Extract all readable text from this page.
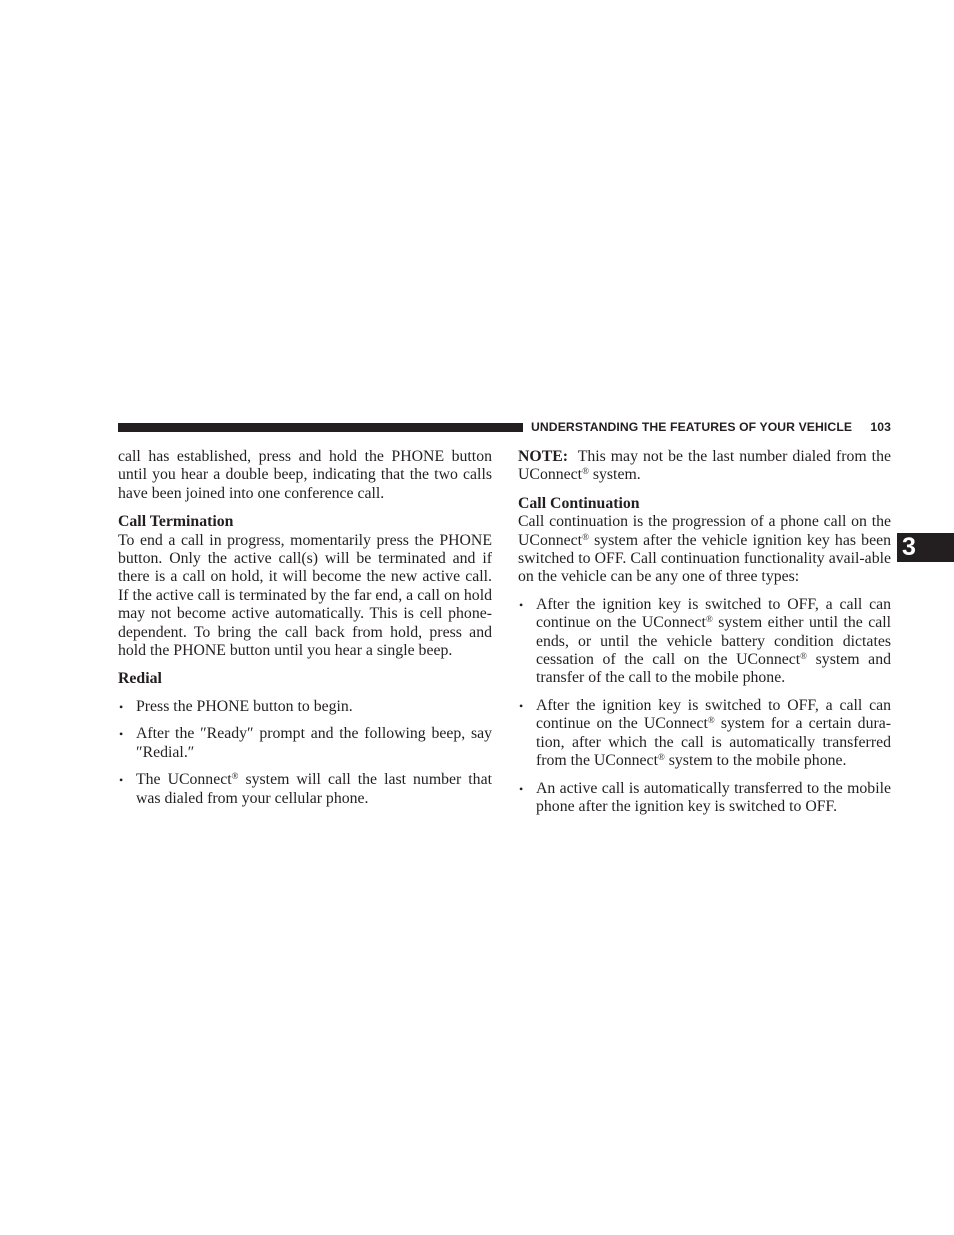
UNDERSTANDING THE FEATURES OF YOUR VEHICLE 103
3

call has established, press and hold the PHONE button until you hear a double beep, indicating that the two calls have been joined into one conference call.

Call Termination

To end a call in progress, momentarily press the PHONE button. Only the active call(s) will be terminated and if there is a call on hold, it will become the new active call. If the active call is terminated by the far end, a call on hold may not become active automatically. This is cell phone-dependent. To bring the call back from hold, press and hold the PHONE button until you hear a single beep.

Redial
• Press the PHONE button to begin.
• After the ″Ready″ prompt and the following beep, say ″Redial.″
• The UConnect® system will call the last number that was dialed from your cellular phone.

NOTE:  This may not be the last number dialed from the UConnect® system.

Call Continuation

Call continuation is the progression of a phone call on the UConnect® system after the vehicle ignition key has been switched to OFF. Call continuation functionality avail-able on the vehicle can be any one of three types:

• After the ignition key is switched to OFF, a call can continue on the UConnect® system either until the call ends, or until the vehicle battery condition dictates cessation of the call on the UConnect® system and transfer of the call to the mobile phone.
• After the ignition key is switched to OFF, a call can continue on the UConnect® system for a certain dura-tion, after which the call is automatically transferred from the UConnect® system to the mobile phone.
• An active call is automatically transferred to the mobile phone after the ignition key is switched to OFF.
